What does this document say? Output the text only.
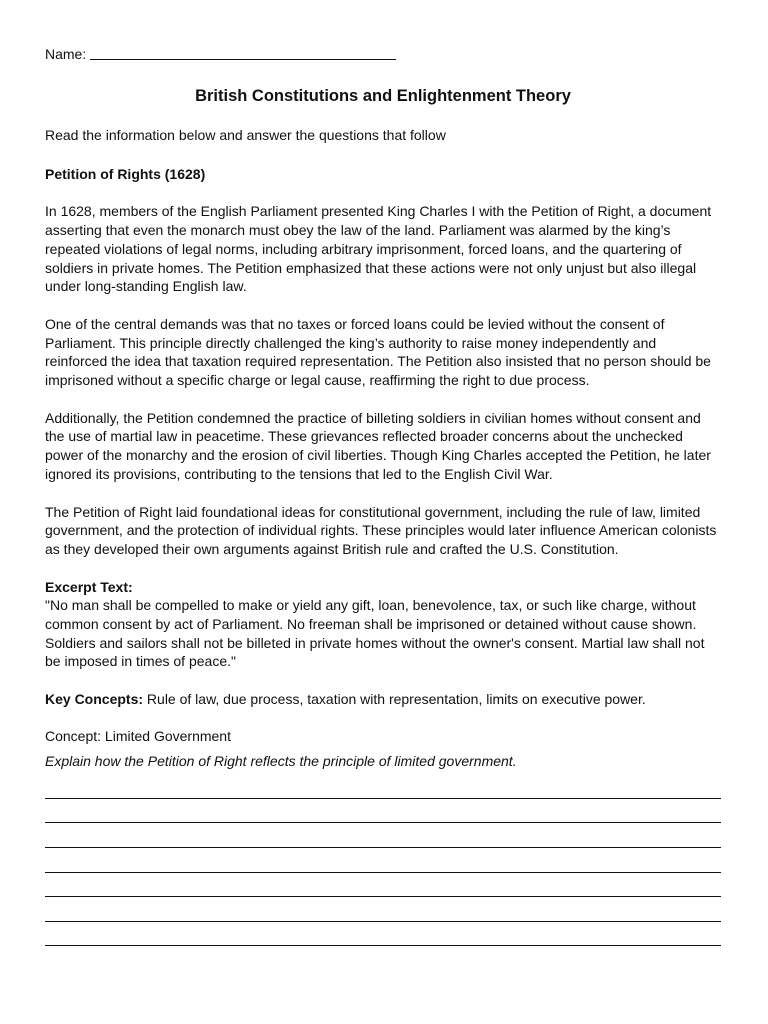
Name:
British Constitutions and Enlightenment Theory

Read the information below and answer the questions that follow

Petition of Rights (1628)

In 1628, members of the English Parliament presented King Charles I with the Petition of Right, a document asserting that even the monarch must obey the law of the land. Parliament was alarmed by the king’s repeated violations of legal norms, including arbitrary imprisonment, forced loans, and the quartering of soldiers in private homes. The Petition emphasized that these actions were not only unjust but also illegal under long-standing English law.

One of the central demands was that no taxes or forced loans could be levied without the consent of Parliament. This principle directly challenged the king’s authority to raise money independently and reinforced the idea that taxation required representation. The Petition also insisted that no person should be imprisoned without a specific charge or legal cause, reaffirming the right to due process.

Additionally, the Petition condemned the practice of billeting soldiers in civilian homes without consent and the use of martial law in peacetime. These grievances reflected broader concerns about the unchecked power of the monarchy and the erosion of civil liberties. Though King Charles accepted the Petition, he later ignored its provisions, contributing to the tensions that led to the English Civil War.

The Petition of Right laid foundational ideas for constitutional government, including the rule of law, limited government, and the protection of individual rights. These principles would later influence American colonists as they developed their own arguments against British rule and crafted the U.S. Constitution.

Excerpt Text:

"No man shall be compelled to make or yield any gift, loan, benevolence, tax, or such like charge, without common consent by act of Parliament. No freeman shall be imprisoned or detained without cause shown. Soldiers and sailors shall not be billeted in private homes without the owner's consent. Martial law shall not be imposed in times of peace."

Key Concepts: Rule of law, due process, taxation with representation, limits on executive power.

Concept: Limited Government

Explain how the Petition of Right reflects the principle of limited government.
